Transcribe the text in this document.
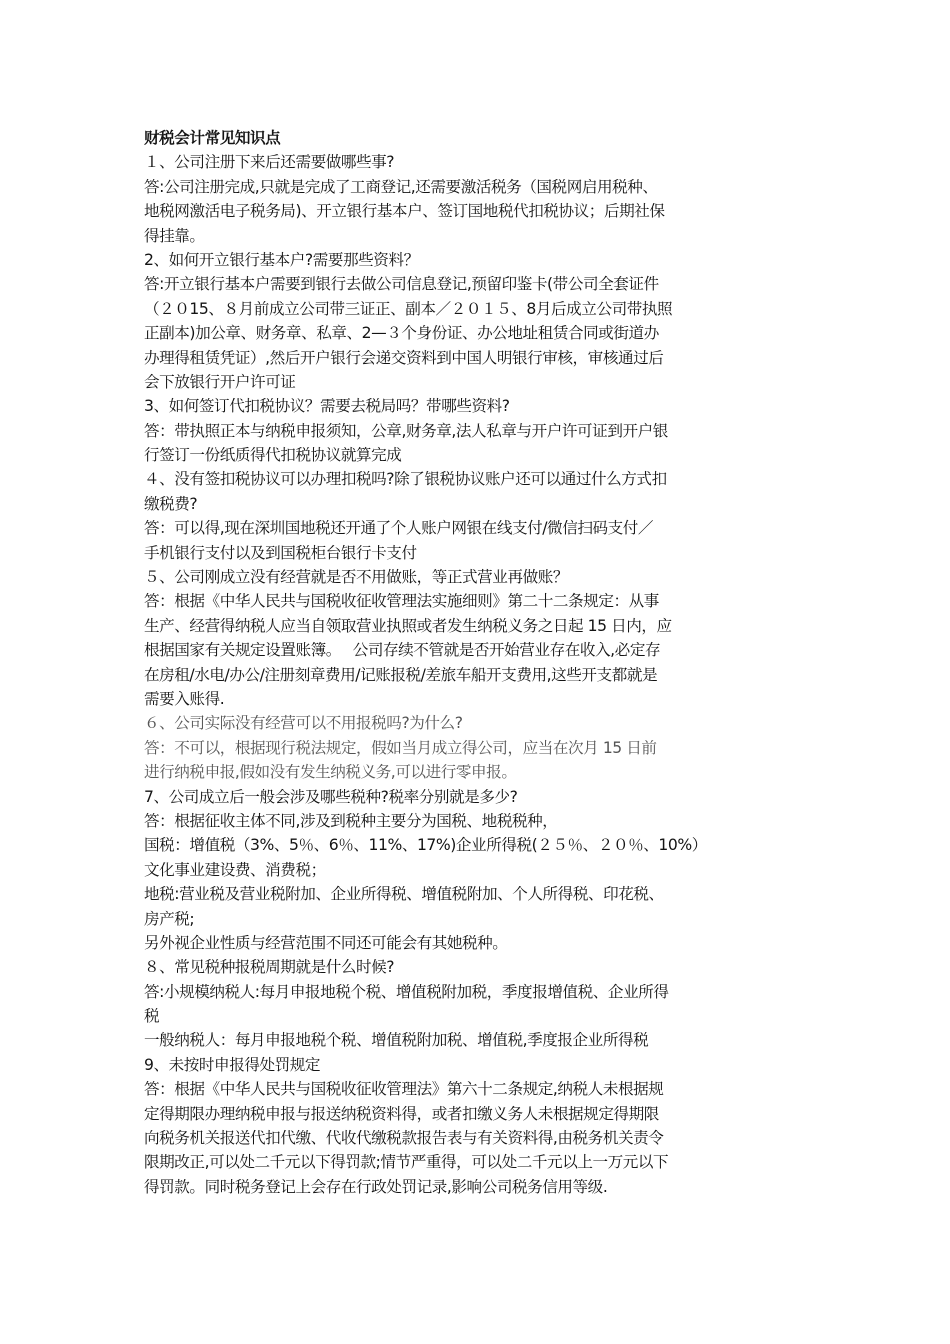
财税会计常见知识点
１、公司注册下来后还需要做哪些事?
答:公司注册完成,只就是完成了工商登记,还需要激活税务（国税网启用税种、
地税网激活电子税务局)、开立银行基本户、签订国地税代扣税协议；后期社保
得挂靠。
2、如何开立银行基本户?需要那些资料？
答:开立银行基本户需要到银行去做公司信息登记,预留印鉴卡(带公司全套证件
（２０15、８月前成立公司带三证正、副本／２０１５、8月后成立公司带执照
正副本)加公章、财务章、私章、2—３个身份证、办公地址租赁合同或街道办
办理得租赁凭证）,然后开户银行会递交资料到中国人明银行审核，审核通过后
会下放银行开户许可证
3、如何签订代扣税协议？需要去税局吗？带哪些资料?
答：带执照正本与纳税申报须知，公章,财务章,法人私章与开户许可证到开户银
行签订一份纸质得代扣税协议就算完成
４、没有签扣税协议可以办理扣税吗?除了银税协议账户还可以通过什么方式扣
缴税费?
答：可以得,现在深圳国地税还开通了个人账户网银在线支付/微信扫码支付／
手机银行支付以及到国税柜台银行卡支付
５、公司刚成立没有经营就是否不用做账，等正式营业再做账？
答：根据《中华人民共与国税收征收管理法实施细则》第二十二条规定：从事
生产、经营得纳税人应当自领取营业执照或者发生纳税义务之日起 15 日内，应
根据国家有关规定设置账簿。　 公司存续不管就是否开始营业存在收入,必定存
在房租/水电/办公/注册刻章费用/记账报税/差旅车船开支费用,这些开支都就是
需要入账得.
６、公司实际没有经营可以不用报税吗?为什么?
答：不可以，根据现行税法规定，假如当月成立得公司，应当在次月 15 日前
进行纳税申报,假如没有发生纳税义务,可以进行零申报。
7、公司成立后一般会涉及哪些税种?税率分别就是多少?
答：根据征收主体不同,涉及到税种主要分为国税、地税税种，
国税：增值税（3%、5％、6％、11%、17%)企业所得税(２５％、２０％、10%）
文化事业建设费、消费税；
地税:营业税及营业税附加、企业所得税、增值税附加、个人所得税、印花税、
房产税;
另外视企业性质与经营范围不同还可能会有其她税种。
８、常见税种报税周期就是什么时候?
答:小规模纳税人:每月申报地税个税、增值税附加税，季度报增值税、企业所得
税
一般纳税人：每月申报地税个税、增值税附加税、增值税,季度报企业所得税
9、未按时申报得处罚规定
答：根据《中华人民共与国税收征收管理法》第六十二条规定,纳税人未根据规
定得期限办理纳税申报与报送纳税资料得，或者扣缴义务人未根据规定得期限
向税务机关报送代扣代缴、代收代缴税款报告表与有关资料得,由税务机关责令
限期改正,可以处二千元以下得罚款;情节严重得，可以处二千元以上一万元以下
得罚款。同时税务登记上会存在行政处罚记录,影响公司税务信用等级.
